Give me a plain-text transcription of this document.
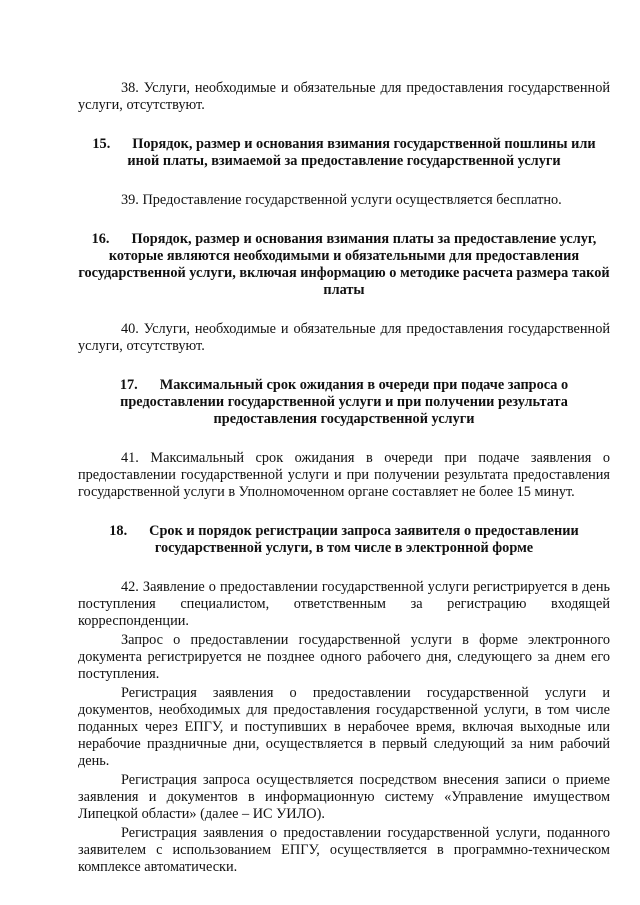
38. Услуги, необходимые и обязательные для предоставления государственной услуги, отсутствуют.

15. Порядок, размер и основания взимания государственной пошлины или иной платы, взимаемой за предоставление государственной услуги

39. Предоставление государственной услуги осуществляется бесплатно.

16. Порядок, размер и основания взимания платы за предоставление услуг, которые являются необходимыми и обязательными для предоставления государственной услуги, включая информацию о методике расчета размера такой платы

40. Услуги, необходимые и обязательные для предоставления государственной услуги, отсутствуют.

17. Максимальный срок ожидания в очереди при подаче запроса о предоставлении государственной услуги и при получении результата предоставления государственной услуги

41. Максимальный срок ожидания в очереди при подаче заявления о предоставлении государственной услуги и при получении результата предоставления государственной услуги в Уполномоченном органе составляет не более 15 минут.

18. Срок и порядок регистрации запроса заявителя о предоставлении государственной услуги, в том числе в электронной форме

42. Заявление о предоставлении государственной услуги регистрируется в день поступления специалистом, ответственным за регистрацию входящей корреспонденции.

Запрос о предоставлении государственной услуги в форме электронного документа регистрируется не позднее одного рабочего дня, следующего за днем его поступления.

Регистрация заявления о предоставлении государственной услуги и документов, необходимых для предоставления государственной услуги, в том числе поданных через ЕПГУ, и поступивших в нерабочее время, включая выходные или нерабочие праздничные дни, осуществляется в первый следующий за ним рабочий день.

Регистрация запроса осуществляется посредством внесения записи о приеме заявления и документов в информационную систему «Управление имуществом Липецкой области» (далее – ИС УИЛО).

Регистрация заявления о предоставлении государственной услуги, поданного заявителем с использованием ЕПГУ, осуществляется в программно-техническом комплексе автоматически.
